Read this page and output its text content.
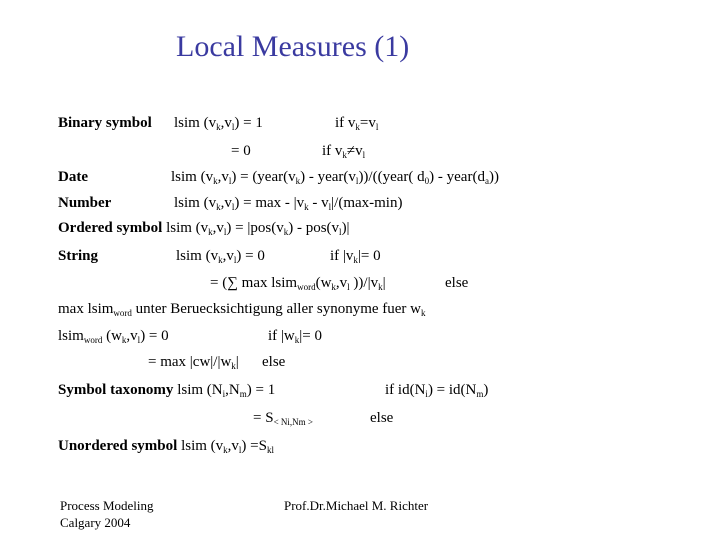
Local Measures (1)
Binary symbol lsim $(v_k,v_l) = 1$	if $v_k=v_l$
= 0	if $v_k\ne v_l$
Date	lsim $(v_k,v_l)$ = ($year(v_k)$ - $year(v_l))/((year$( $d_0$) - $year(d_a)$)
Number	lsim $(v_k,v_l) = \max - |v_k - v_l|/(\max-\min)$
Ordered symbol lsim $(v_k,v_l) = |pos(v_k) - pos(v_l)|$
String	lsim $(v_k,v_l) = 0$	if $|v_k|= 0$
= (∑ $\max lsim_{word}(w_k,v_l$ ))$/|v_k|$	else
max lsim$_{word}$ unter Beruecksichtigung aller synonyme fuer $w_k$
lsim$_{word}$ $(w_k,v_l) = 0$	if $|w_k|= 0$
= $\max |cw|/|w_k|$ else
Symbol taxonomy lsim $(N_i,N_m) = 1$	if $id(N_i) = id(N_m)$
= $S_{< Ni,Nm >}$	else
Unordered symbol lsim $(v_k,v_l) =S_{kl}$
Process Modeling
Calgary 2004
Prof.Dr.Michael M. Richter
